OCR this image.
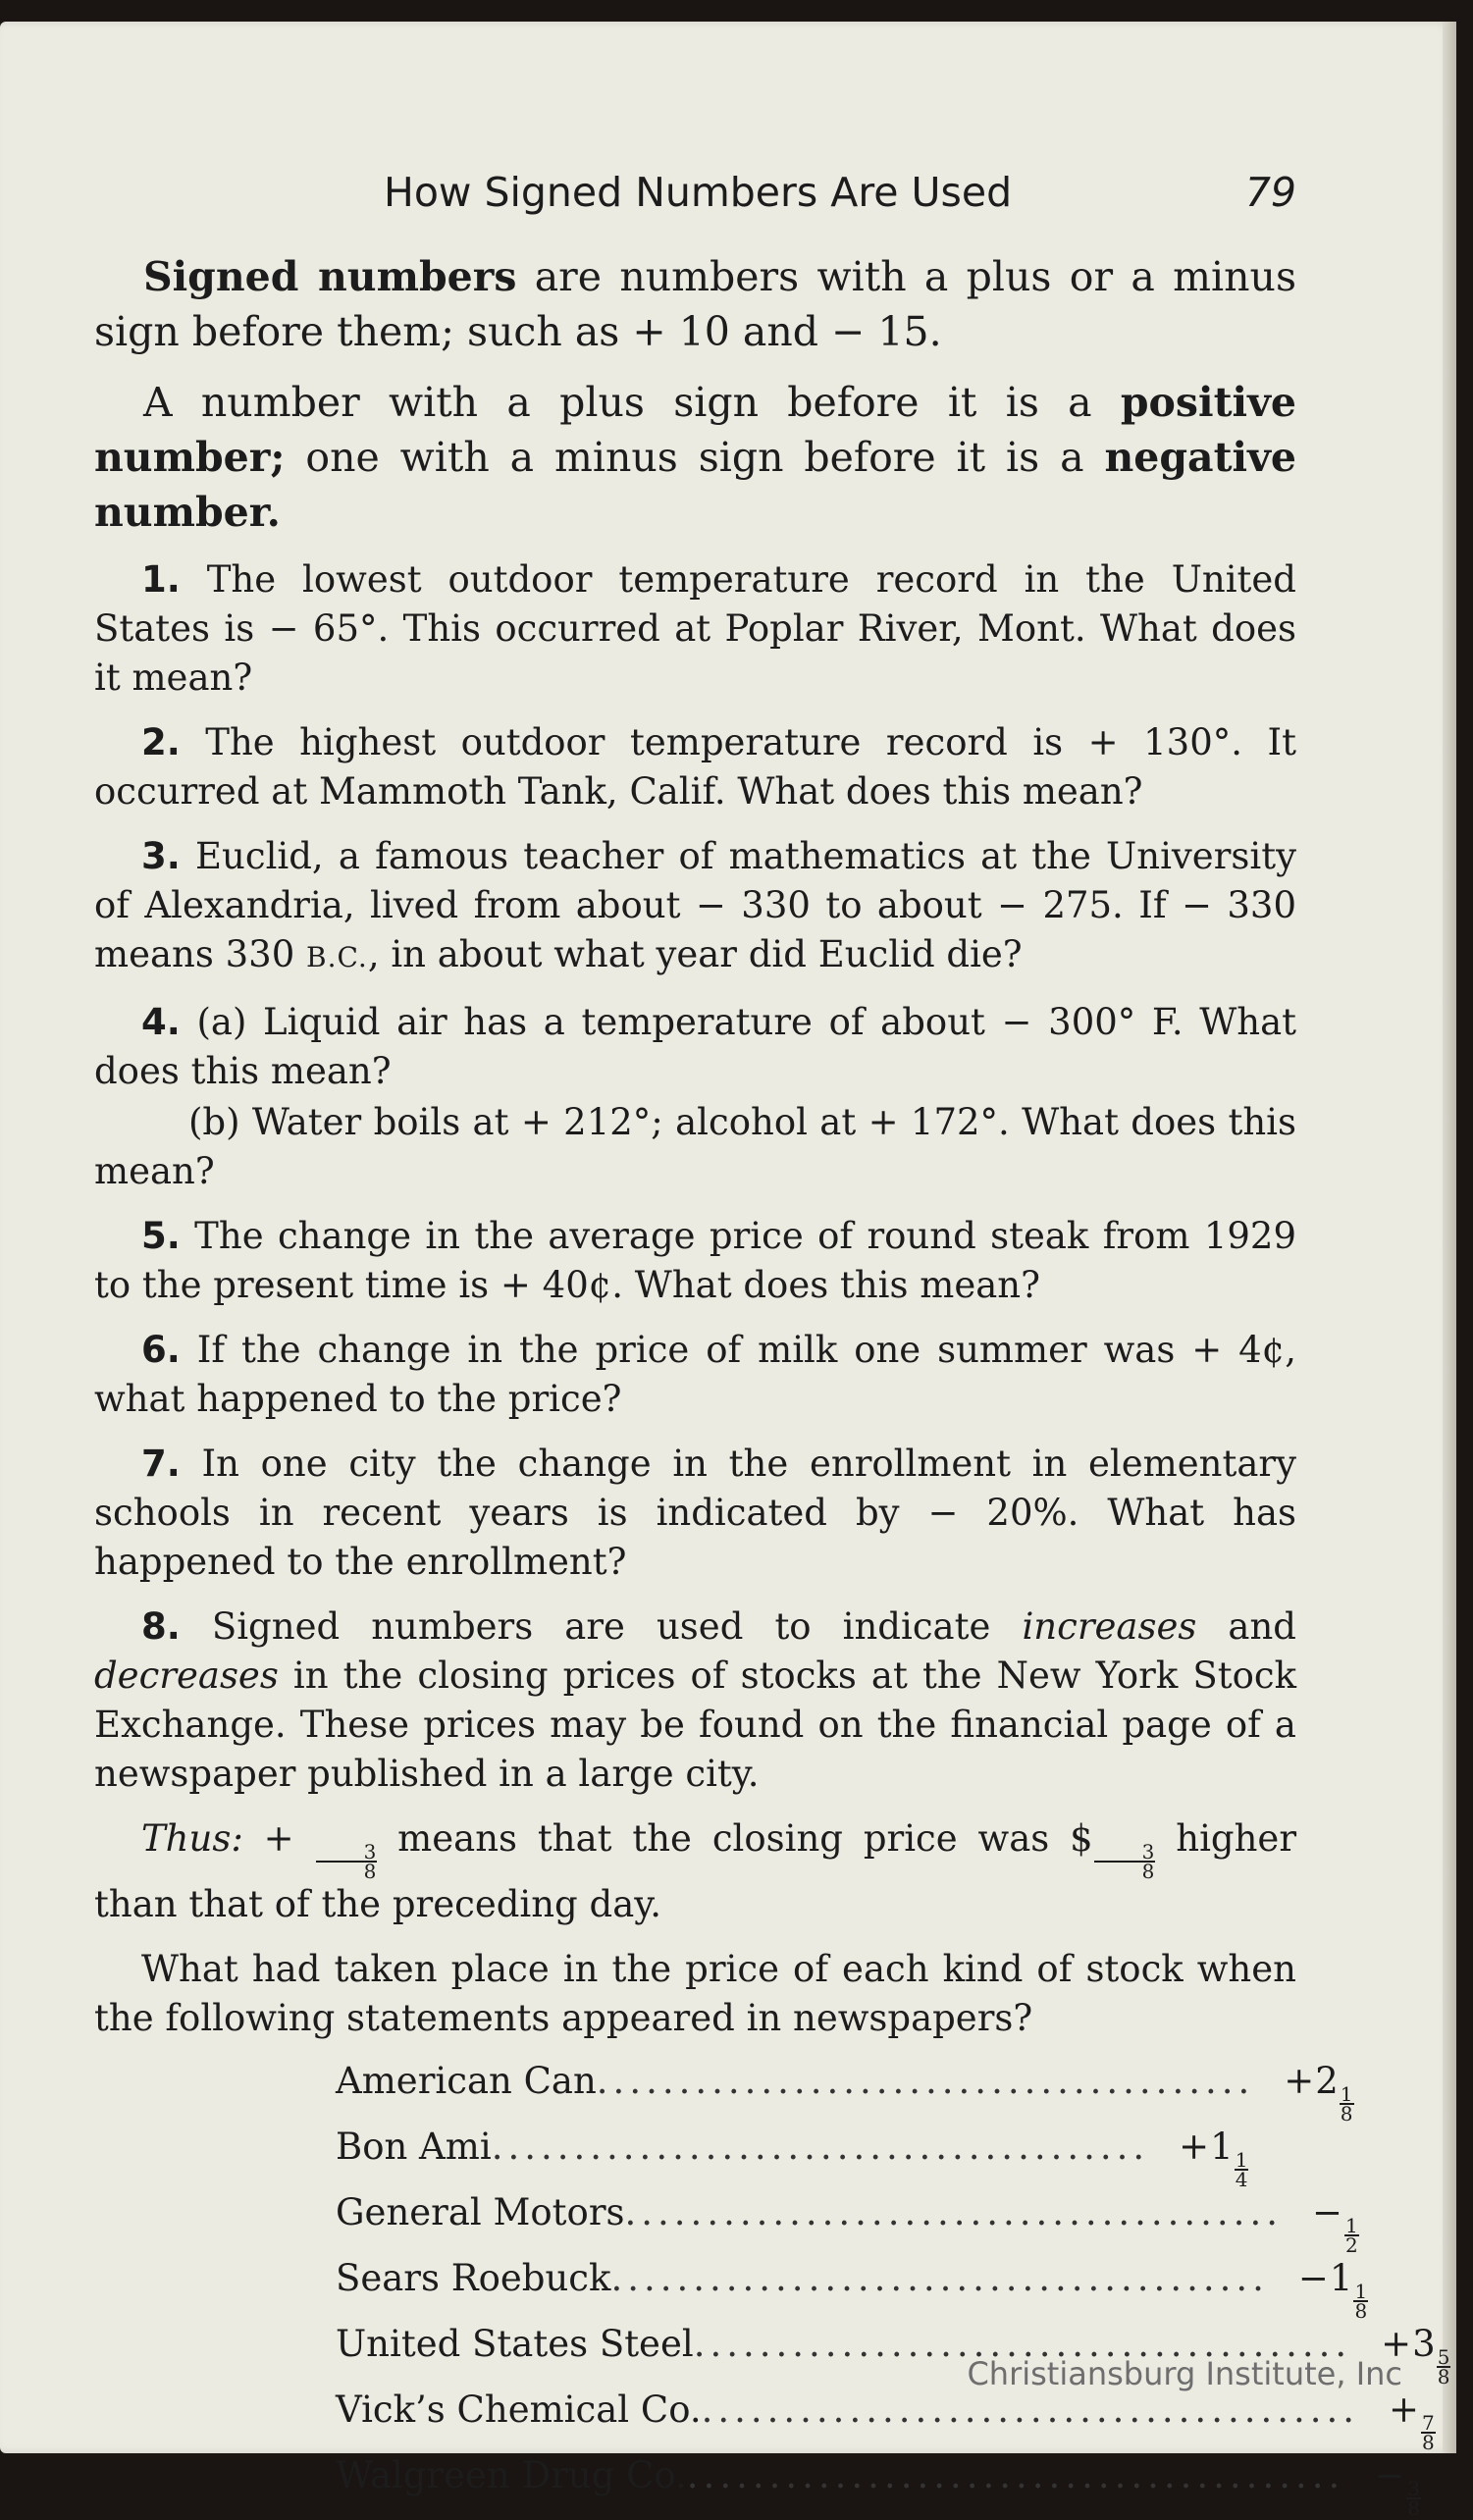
How Signed Numbers Are Used	79

Signed numbers are numbers with a plus or a minus sign before them; such as + 10 and − 15.

A number with a plus sign before it is a positive number; one with a minus sign before it is a negative number.

1. The lowest outdoor temperature record in the United States is − 65°. This occurred at Poplar River, Mont. What does it mean?

2. The highest outdoor temperature record is + 130°. It occurred at Mammoth Tank, Calif. What does this mean?

3. Euclid, a famous teacher of mathematics at the University of Alexandria, lived from about − 330 to about − 275. If − 330 means 330 B.C., in about what year did Euclid die?

4. (a) Liquid air has a temperature of about − 300° F. What does this mean?

(b) Water boils at + 212°; alcohol at + 172°. What does this mean?

5. The change in the average price of round steak from 1929 to the present time is + 40¢. What does this mean?

6. If the change in the price of milk one summer was + 4¢, what happened to the price?

7. In one city the change in the enrollment in elementary schools in recent years is indicated by − 20%. What has happened to the enrollment?

8. Signed numbers are used to indicate increases and decreases in the closing prices of stocks at the New York Stock Exchange. These prices may be found on the financial page of a newspaper published in a large city.

Thus: +
$\frac{3}{8}$
means that the closing price was $
$\frac{3}{8}$
higher than that of the preceding day.

What had taken place in the price of each kind of stock when the following statements appeared in newspapers?

American Can ........................................ +2
$\frac{1}{8}$
Bon Ami ........................................ +1
$\frac{1}{4}$
General Motors ........................................ −
$\frac{1}{2}$
Sears Roebuck ........................................ −1
$\frac{1}{8}$
United States Steel ........................................ +3
$\frac{5}{8}$
Vick’s Chemical Co. ........................................ +
$\frac{7}{8}$
Walgreen Drug Co. ........................................ −
$\frac{3}{8}$
Christiansburg Institute, Inc
